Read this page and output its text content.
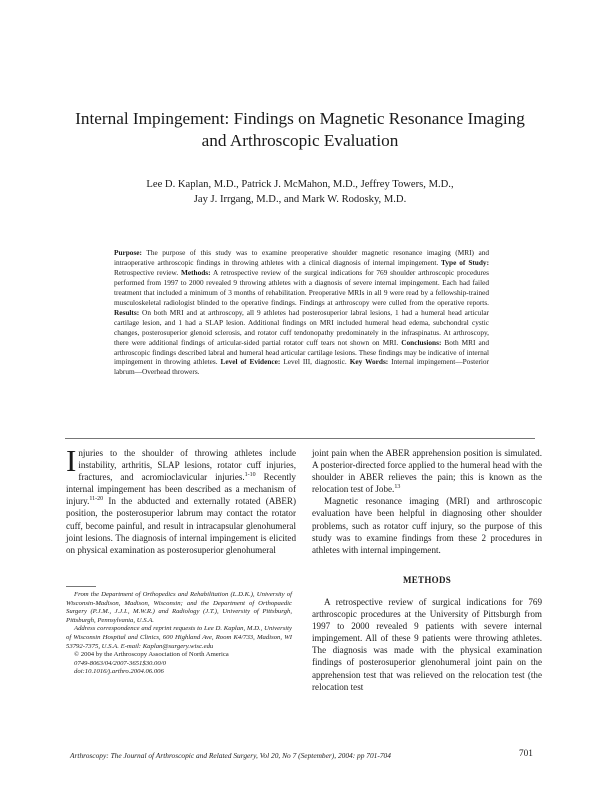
Internal Impingement: Findings on Magnetic Resonance Imaging
and Arthroscopic Evaluation
Lee D. Kaplan, M.D., Patrick J. McMahon, M.D., Jeffrey Towers, M.D.,
Jay J. Irrgang, M.D., and Mark W. Rodosky, M.D.
Purpose: The purpose of this study was to examine preoperative shoulder magnetic resonance imaging (MRI) and intraoperative arthroscopic findings in throwing athletes with a clinical diagnosis of internal impingement. Type of Study: Retrospective review. Methods: A retrospective review of the surgical indications for 769 shoulder arthroscopic procedures performed from 1997 to 2000 revealed 9 throwing athletes with a diagnosis of severe internal impingement. Each had failed treatment that included a minimum of 3 months of rehabilitation. Preoperative MRIs in all 9 were read by a fellowship-trained musculoskeletal radiologist blinded to the operative findings. Findings at arthroscopy were culled from the operative reports. Results: On both MRI and at arthroscopy, all 9 athletes had posterosuperior labral lesions, 1 had a humeral head articular cartilage lesion, and 1 had a SLAP lesion. Additional findings on MRI included humeral head edema, subchondral cystic changes, posterosuperior glenoid sclerosis, and rotator cuff tendonopathy predominately in the infraspinatus. At arthroscopy, there were additional findings of articular-sided partial rotator cuff tears not shown on MRI. Conclusions: Both MRI and arthroscopic findings described labral and humeral head articular cartilage lesions. These findings may be indicative of internal impingement in throwing athletes. Level of Evidence: Level III, diagnostic. Key Words: Internal impingement—Posterior labrum—Overhead throwers.

Injuries to the shoulder of throwing athletes include instability, arthritis, SLAP lesions, rotator cuff injuries, fractures, and acromioclavicular injuries.$^{1-10}$ Recently internal impingement has been described as a mechanism of injury.$^{11-20}$ In the abducted and externally rotated (ABER) position, the posterosuperior labrum may contact the rotator cuff, become painful, and result in intracapsular glenohumeral joint lesions. The diagnosis of internal impingement is elicited on physical examination as posterosuperior glenohumeral

From the Department of Orthopedics and Rehabilitation (L.D.K.), University of Wisconsin-Madison, Madison, Wisconsin; and the Department of Orthopaedic Surgery (P.J.M., J.J.I., M.W.R.) and Radiology (J.T.), University of Pittsburgh, Pittsburgh, Pennsylvania, U.S.A.

Address correspondence and reprint requests to Lee D. Kaplan, M.D., University of Wisconsin Hospital and Clinics, 600 Highland Ave, Room K4/733, Madison, WI 53792-7375, U.S.A. E-mail: Kaplan@surgery.wisc.edu

© 2004 by the Arthroscopy Association of North America

0749-8063/04/2007-3651$30.00/0

doi:10.1016/j.arthro.2004.06.006

joint pain when the ABER apprehension position is simulated. A posterior-directed force applied to the humeral head with the shoulder in ABER relieves the pain; this is known as the relocation test of Jobe.$^{13}$

Magnetic resonance imaging (MRI) and arthroscopic evaluation have been helpful in diagnosing other shoulder problems, such as rotator cuff injury, so the purpose of this study was to examine findings from these 2 procedures in athletes with internal impingement.

METHODS

A retrospective review of surgical indications for 769 arthroscopic procedures at the University of Pittsburgh from 1997 to 2000 revealed 9 patients with severe internal impingement. All of these 9 patients were throwing athletes. The diagnosis was made with the physical examination findings of posterosuperior glenohumeral joint pain on the apprehension test that was relieved on the relocation test (the relocation test

Arthroscopy: The Journal of Arthroscopic and Related Surgery, Vol 20, No 7 (September), 2004: pp 701-704	701
